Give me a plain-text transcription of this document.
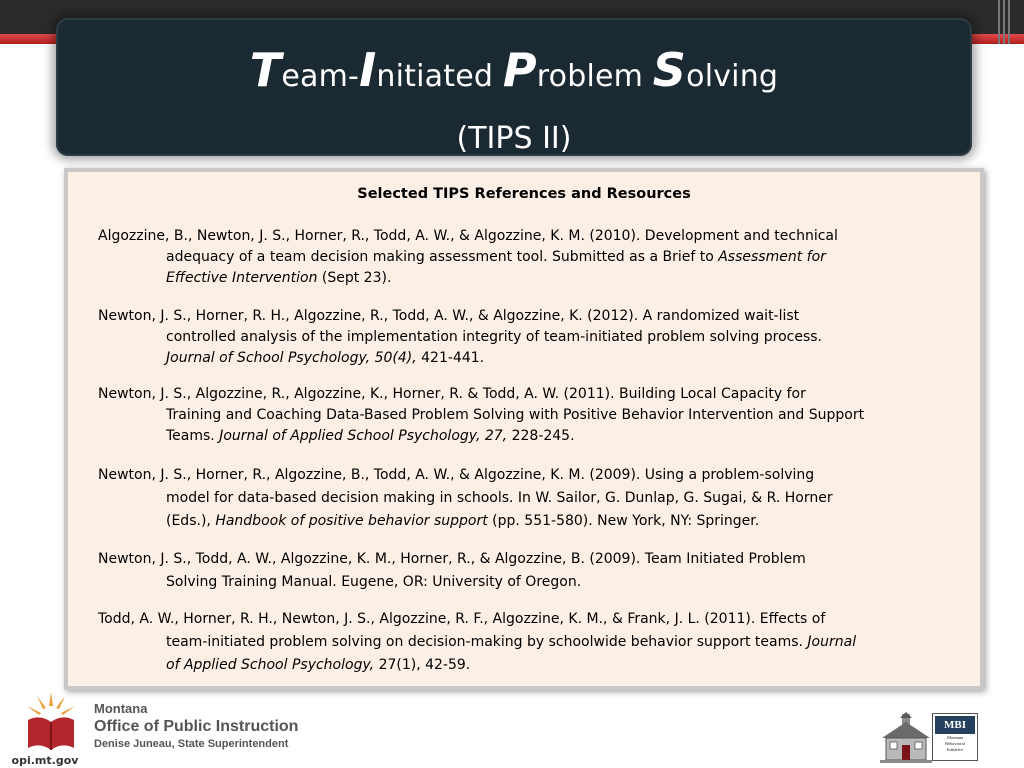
Team-Initiated Problem Solving
(TIPS II)
Selected TIPS References and Resources
Algozzine, B., Newton, J. S., Horner, R., Todd, A. W., & Algozzine, K. M. (2010). Development and technical
adequacy of a team decision making assessment tool. Submitted as a Brief to Assessment for
Effective Intervention (Sept 23).
Newton, J. S., Horner, R. H., Algozzine, R., Todd, A. W., & Algozzine, K. (2012). A randomized wait-list
controlled analysis of the implementation integrity of team-initiated problem solving process.
Journal of School Psychology, 50(4), 421-441.
Newton, J. S., Algozzine, R., Algozzine, K., Horner, R. & Todd, A. W. (2011). Building Local Capacity for
Training and Coaching Data-Based Problem Solving with Positive Behavior Intervention and Support
Teams. Journal of Applied School Psychology, 27, 228-245.
Newton, J. S., Horner, R., Algozzine, B., Todd, A. W., & Algozzine, K. M. (2009). Using a problem-solving
model for data-based decision making in schools. In W. Sailor, G. Dunlap, G. Sugai, & R. Horner
(Eds.), Handbook of positive behavior support (pp. 551-580). New York, NY: Springer.
Newton, J. S., Todd, A. W., Algozzine, K. M., Horner, R., & Algozzine, B. (2009). Team Initiated Problem
Solving Training Manual. Eugene, OR: University of Oregon.
Todd, A. W., Horner, R. H., Newton, J. S., Algozzine, R. F., Algozzine, K. M., & Frank, J. L. (2011). Effects of
team-initiated problem solving on decision-making by schoolwide behavior support teams. Journal
of Applied School Psychology, 27(1), 42-59.
opi.mt.gov
Montana
Office of Public Instruction
Denise Juneau, State Superintendent
MBI
Montana
Behavioral
Initiative
